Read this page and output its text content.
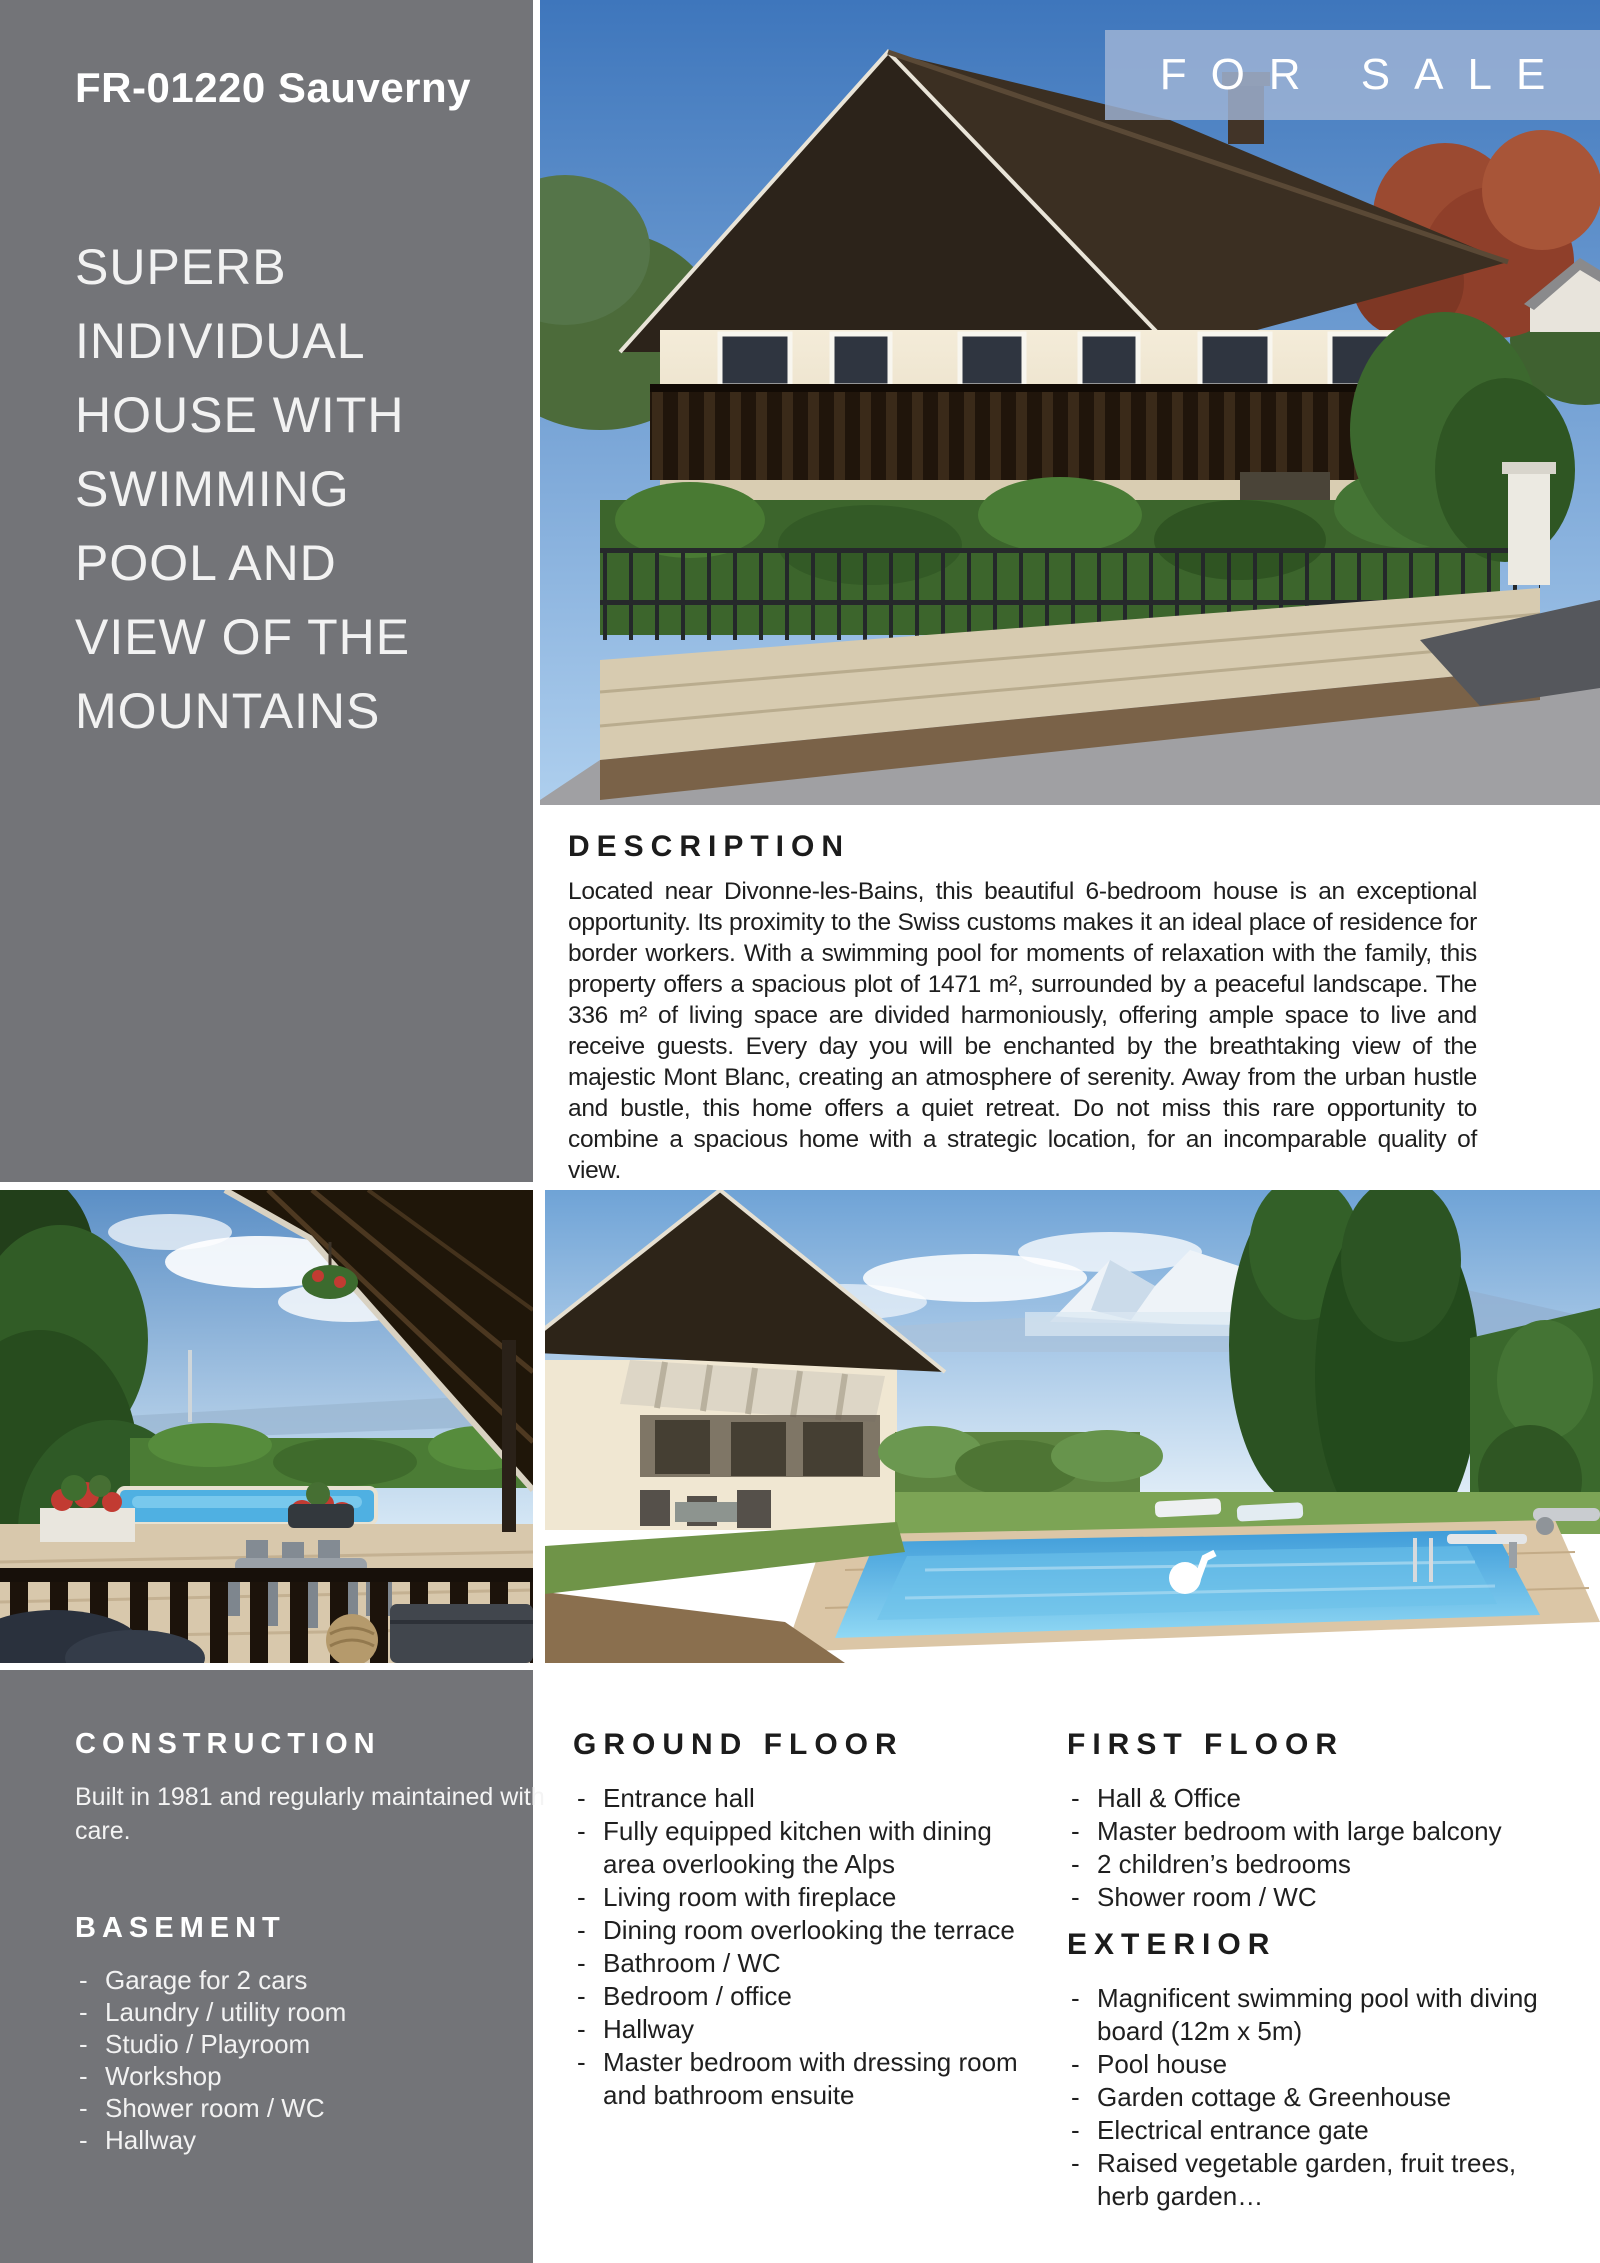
FR-01220 Sauverny
SUPERB INDIVIDUAL HOUSE WITH SWIMMING POOL AND VIEW OF THE MOUNTAINS
FOR SALE
DESCRIPTION
Located near Divonne-les-Bains, this beautiful 6-bedroom house is an exceptional opportunity. Its proximity to the Swiss customs makes it an ideal place of residence for border workers. With a swimming pool for moments of relaxation with the family, this property offers a spacious plot of 1471 m², surrounded by a peaceful landscape. The 336 m² of living space are divided harmoniously, offering ample space to live and receive guests. Every day you will be enchanted by the breathtaking view of the majestic Mont Blanc, creating an atmosphere of serenity. Away from the urban hustle and bustle, this home offers a quiet retreat. Do not miss this rare opportunity to combine a spacious home with a strategic location, for an incomparable quality of view.
CONSTRUCTION
Built in 1981 and regularly maintained with care.
BASEMENT
- Garage for 2 cars
- Laundry / utility room
- Studio / Playroom
- Workshop
- Shower room / WC
- Hallway
GROUND FLOOR
- Entrance hall
- Fully equipped kitchen with dining area overlooking the Alps
- Living room with fireplace
- Dining room overlooking the terrace
- Bathroom / WC
- Bedroom / office
- Hallway
- Master bedroom with dressing room and bathroom ensuite
FIRST FLOOR
- Hall & Office
- Master bedroom with large balcony
- 2 children’s bedrooms
- Shower room / WC
EXTERIOR
- Magnificent swimming pool with diving board (12m x 5m)
- Pool house
- Garden cottage & Greenhouse
- Electrical entrance gate
- Raised vegetable garden, fruit trees, herb garden…
